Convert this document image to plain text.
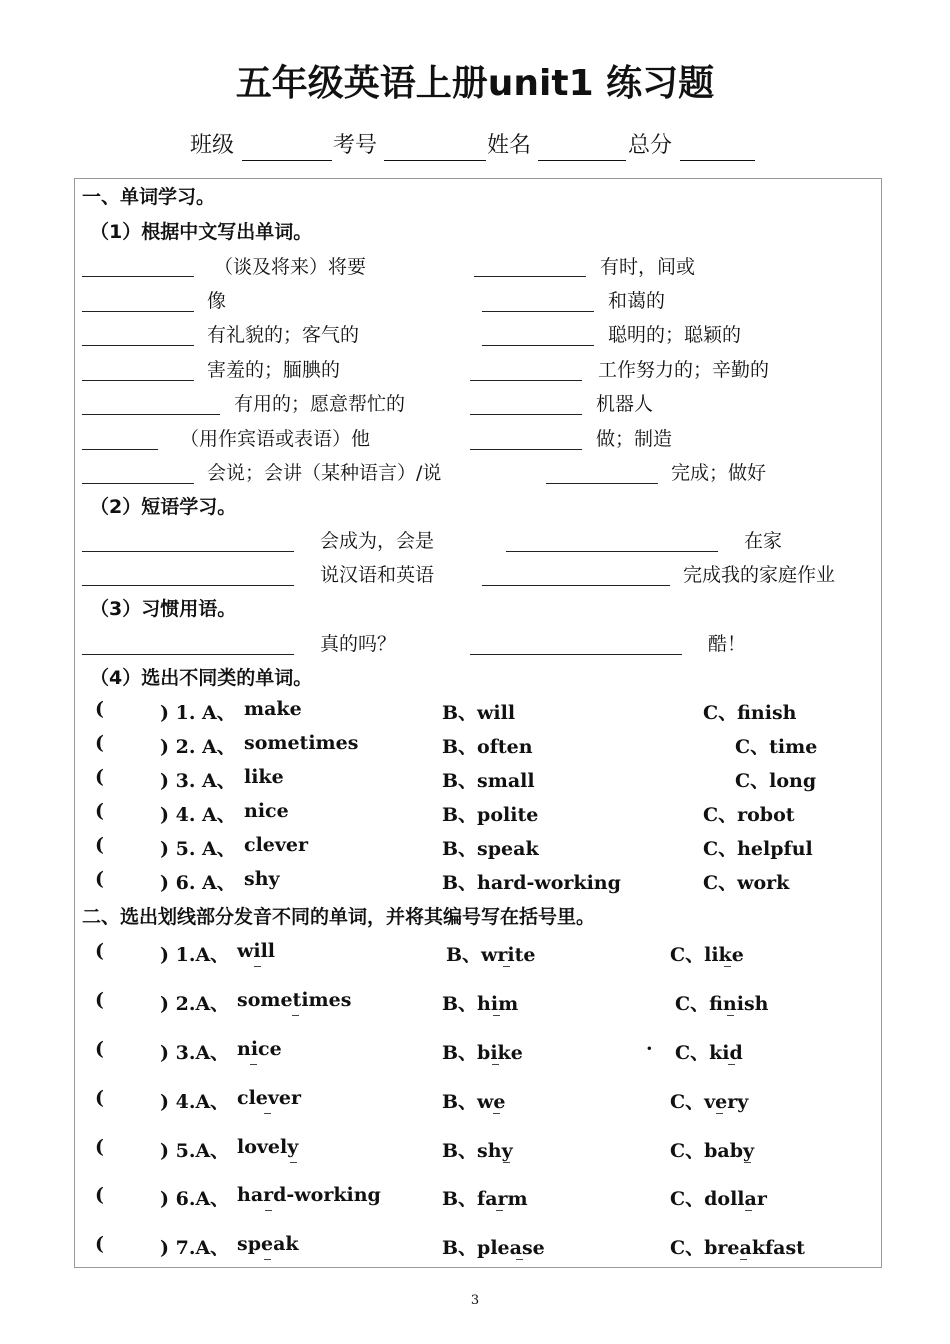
五年级英语上册unit1 练习题
班级	考号	姓名	总分
一、单词学习。
（1）根据中文写出单词。
（谈及将来）将要	有时，间或
像	和蔼的
有礼貌的；客气的	聪明的；聪颖的
害羞的；腼腆的	工作努力的；辛勤的
有用的；愿意帮忙的	机器人
（用作宾语或表语）他	做；制造
会说；会讲（某种语言）/说	完成；做好
（2）短语学习。
会成为，会是	在家
说汉语和英语	完成我的家庭作业
（3）习惯用语。
真的吗？	酷！
（4）选出不同类的单词。
(	) 1. A、 make	B、will	C、finish
(	) 2. A、 sometimes	B、often	C、time
(	) 3. A、 like	B、small	C、long
(	) 4. A、 nice	B、polite	C、robot
(	) 5. A、 clever	B、speak	C、helpful
(	) 6. A、 shy	B、hard-working	C、work
二、选出划线部分发音不同的单词，并将其编号写在括号里。
(	) 1.A、 will	B、write	C、like
(	) 2.A、 sometimes	B、him	C、finish
(	) 3.A、 nice	B、bike	· C、kid
(	) 4.A、 clever	B、we	C、very
(	) 5.A、 lovely	B、shy	C、baby
(	) 6.A、 hard-working	B、farm	C、dollar
(	) 7.A、 speak	B、please	C、breakfast
3
